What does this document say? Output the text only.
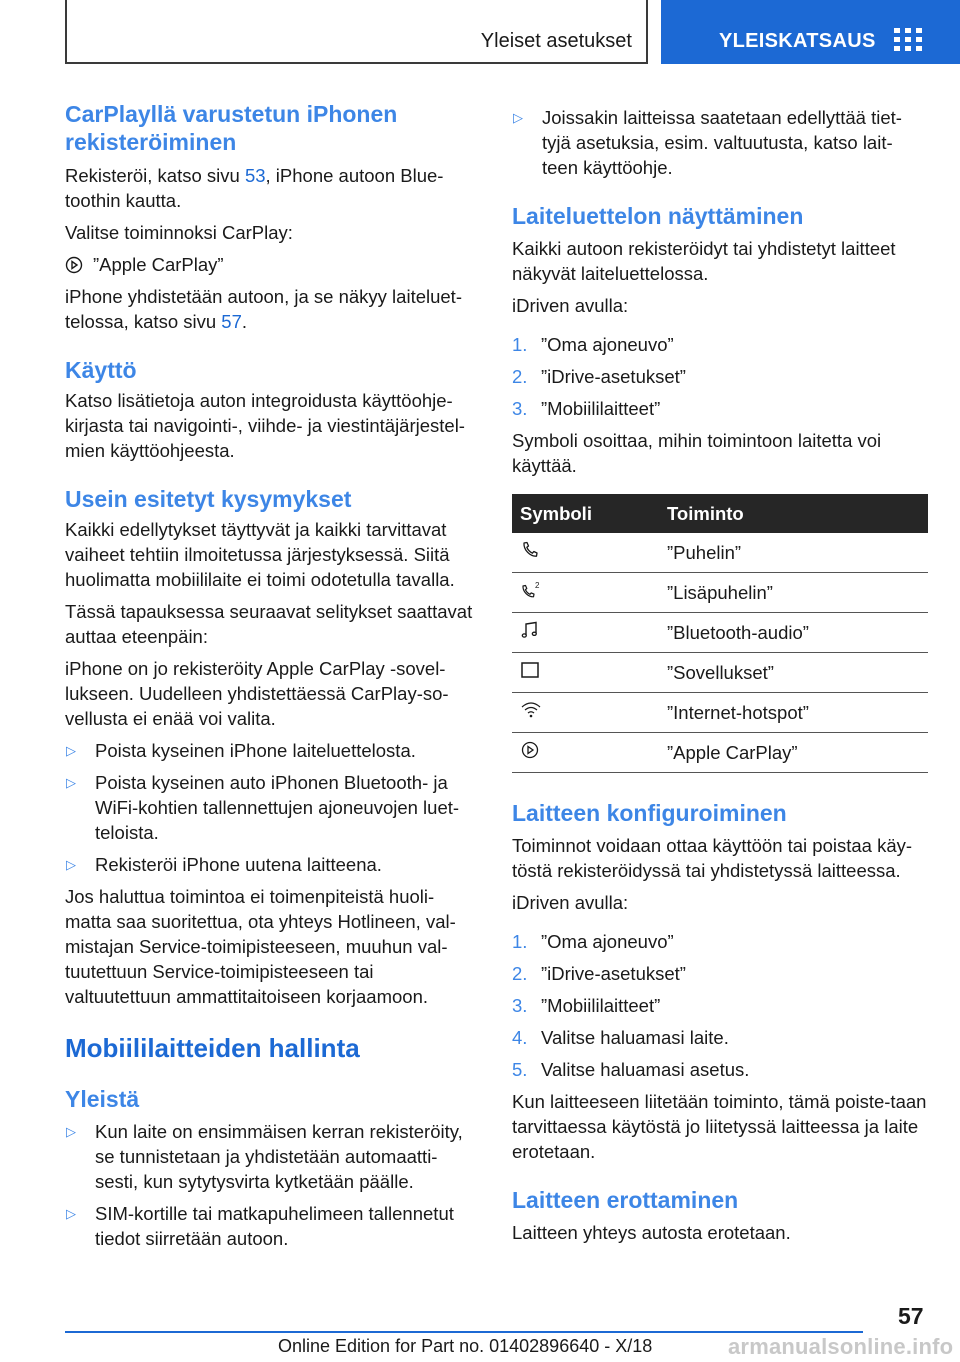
Yleiset asetukset	YLEISKATSAUS
CarPlayllä varustetun iPhonen rekisteröiminen

Rekisteröi, katso sivu 53, iPhone autoon Blue-toothin kautta.

Valitse toiminnoksi CarPlay:

”Apple CarPlay”

iPhone yhdistetään autoon, ja se näkyy laiteluet-telossa, katso sivu 57.

Käyttö

Katso lisätietoja auton integroidusta käyttöohje-kirjasta tai navigointi-, viihde- ja viestintäjärjestel-mien käyttöohjeesta.

Usein esitetyt kysymykset

Kaikki edellytykset täyttyvät ja kaikki tarvittavat vaiheet tehtiin ilmoitetussa järjestyksessä. Siitä huolimatta mobiililaite ei toimi odotetulla tavalla.

Tässä tapauksessa seuraavat selitykset saattavat auttaa eteenpäin:

iPhone on jo rekisteröity Apple CarPlay -sovel-lukseen. Uudelleen yhdistettäessä CarPlay-so-vellusta ei enää voi valita.

▷	Poista kyseinen iPhone laiteluettelosta.
▷	Poista kyseinen auto iPhonen Bluetooth- ja WiFi-kohtien tallennettujen ajoneuvojen luet-teloista.
▷	Rekisteröi iPhone uutena laitteena.

Jos haluttua toimintoa ei toimenpiteistä huoli-matta saa suoritettua, ota yhteys Hotlineen, val-mistajan Service-toimipisteeseen, muuhun val-tuutettuun Service-toimipisteeseen tai valtuutettuun ammattitaitoiseen korjaamoon.

Mobiililaitteiden hallinta
Yleistä
▷	Kun laite on ensimmäisen kerran rekisteröity, se tunnistetaan ja yhdistetään automaatti-sesti, kun sytytysvirta kytketään päälle.
▷	SIM-kortille tai matkapuhelimeen tallennetut tiedot siirretään autoon.
▷	Joissakin laitteissa saatetaan edellyttää tiet-tyjä asetuksia, esim. valtuutusta, katso lait-teen käyttöohje.
Laiteluettelon näyttäminen

Kaikki autoon rekisteröidyt tai yhdistetyt laitteet näkyvät laiteluettelossa.

iDriven avulla:

1. ”Oma ajoneuvo”
2. ”iDrive-asetukset”
3. ”Mobiililaitteet”

Symboli osoittaa, mihin toimintoon laitetta voi käyttää.

Symboli	Toiminto
	”Puhelin”

2	”Lisäpuhelin”
	”Bluetooth-audio”
	”Sovellukset”
	”Internet-hotspot”
	”Apple CarPlay”
Laitteen konfiguroiminen

Toiminnot voidaan ottaa käyttöön tai poistaa käy-töstä rekisteröidyssä tai yhdistetyssä laitteessa.

iDriven avulla:

1. ”Oma ajoneuvo”
2. ”iDrive-asetukset”
3. ”Mobiililaitteet”
4. Valitse haluamasi laite.
5. Valitse haluamasi asetus.

Kun laitteeseen liitetään toiminto, tämä poiste-taan tarvittaessa käytöstä jo liitetyssä laitteessa ja laite erotetaan.

Laitteen erottaminen

Laitteen yhteys autosta erotetaan.

57
Online Edition for Part no. 01402896640 - X/18	armanualsonline.info
